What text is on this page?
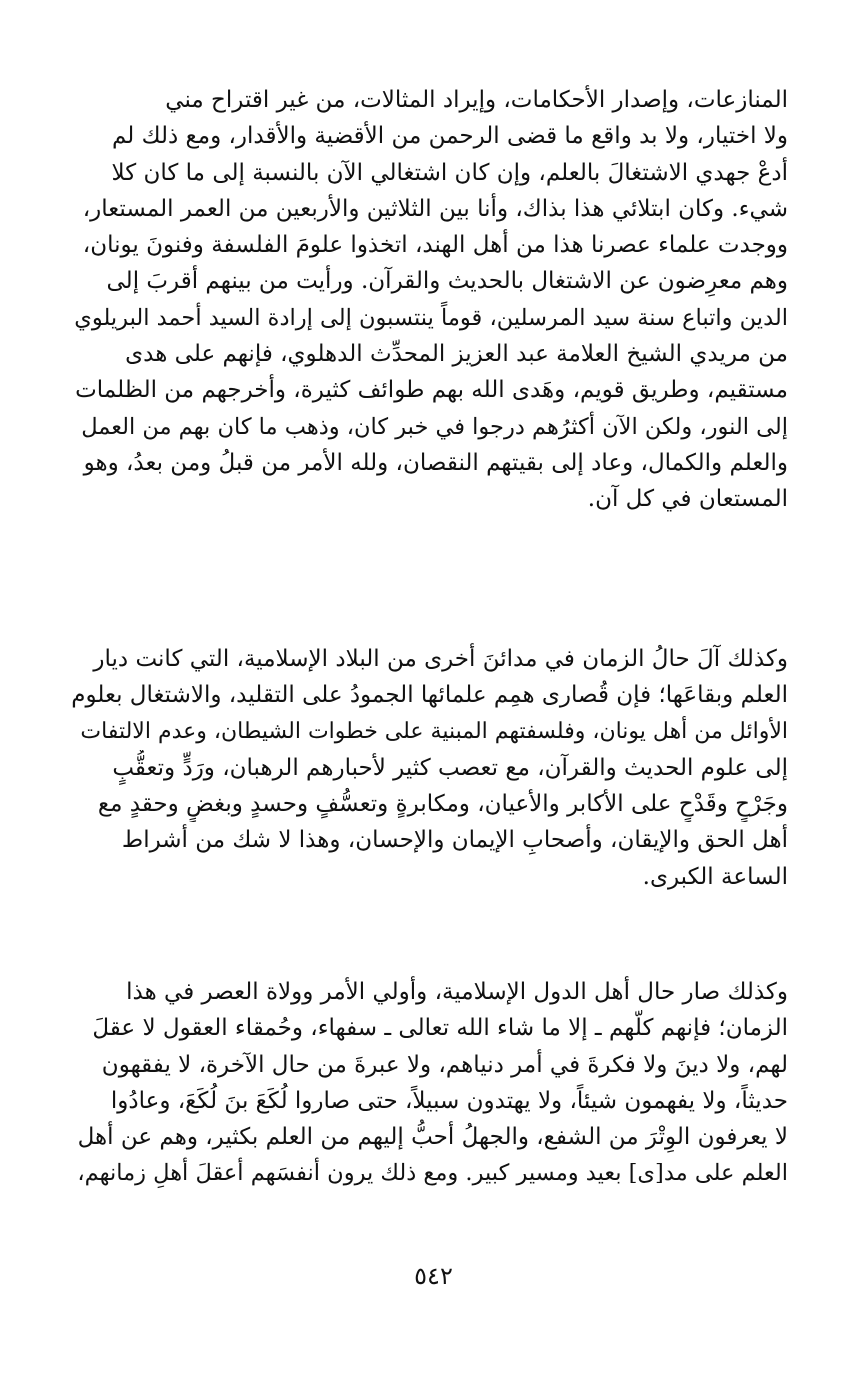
المنازعات، وإصدار الأحكامات، وإيراد المثالات، من غير اقتراح مني
ولا اختيار، ولا بد واقع ما قضى الرحمن من الأقضية والأقدار، ومع ذلك لم
أدعْ جهدي الاشتغالَ بالعلم، وإن كان اشتغالي الآن بالنسبة إلى ما كان كلا
شيء. وكان ابتلائي هذا بذاك، وأنا بين الثلاثين والأربعين من العمر المستعار،
ووجدت علماء عصرنا هذا من أهل الهند، اتخذوا علومَ الفلسفة وفنونَ يونان،
وهم معرِضون عن الاشتغال بالحديث والقرآن. ورأيت من بينهم أقربَ إلى
الدين واتباع سنة سيد المرسلين، قوماً ينتسبون إلى إرادة السيد أحمد البريلوي
من مريدي الشيخ العلامة عبد العزيز المحدِّث الدهلوي، فإنهم على هدى
مستقيم، وطريق قويم، وهَدى الله بهم طوائف كثيرة، وأخرجهم من الظلمات
إلى النور، ولكن الآن أكثرُهم درجوا في خبر كان، وذهب ما كان بهم من العمل
والعلم والكمال، وعاد إلى بقيتهم النقصان، ولله الأمر من قبلُ ومن بعدُ، وهو
المستعان في كل آن.
وكذلك آلَ حالُ الزمان في مدائنَ أخرى من البلاد الإسلامية، التي كانت ديار
العلم وبقاعَها؛ فإن قُصارى همِم علمائها الجمودُ على التقليد، والاشتغال بعلوم
الأوائل من أهل يونان، وفلسفتهم المبنية على خطوات الشيطان، وعدم الالتفات
إلى علوم الحديث والقرآن، مع تعصب كثير لأحبارهم الرهبان، ورَدٍّ وتعقُّبٍ
وجَرْحٍ وقَدْحٍ على الأكابر والأعيان، ومكابرةٍ وتعسُّفٍ وحسدٍ وبغضٍ وحقدٍ مع
أهل الحق والإيقان، وأصحابِ الإيمان والإحسان، وهذا لا شك من أشراط
الساعة الكبرى.
وكذلك صار حال أهل الدول الإسلامية، وأولي الأمر وولاة العصر في هذا
الزمان؛ فإنهم كلَّهم ـ إلا ما شاء الله تعالى ـ سفهاء، وحُمقاء العقول لا عقلَ
لهم، ولا دينَ ولا فكرةَ في أمر دنياهم، ولا عبرةَ من حال الآخرة، لا يفقهون
حديثاً، ولا يفهمون شيئاً، ولا يهتدون سبيلاً، حتى صاروا لُكَعَ بنَ لُكَعَ، وعادُوا
لا يعرفون الوِتْرَ من الشفع، والجهلُ أحبُّ إليهم من العلم بكثير، وهم عن أهل
العلم على مد[ى] بعيد ومسير كبير. ومع ذلك يرون أنفسَهم أعقلَ أهلِ زمانهم،
٥٤٢
